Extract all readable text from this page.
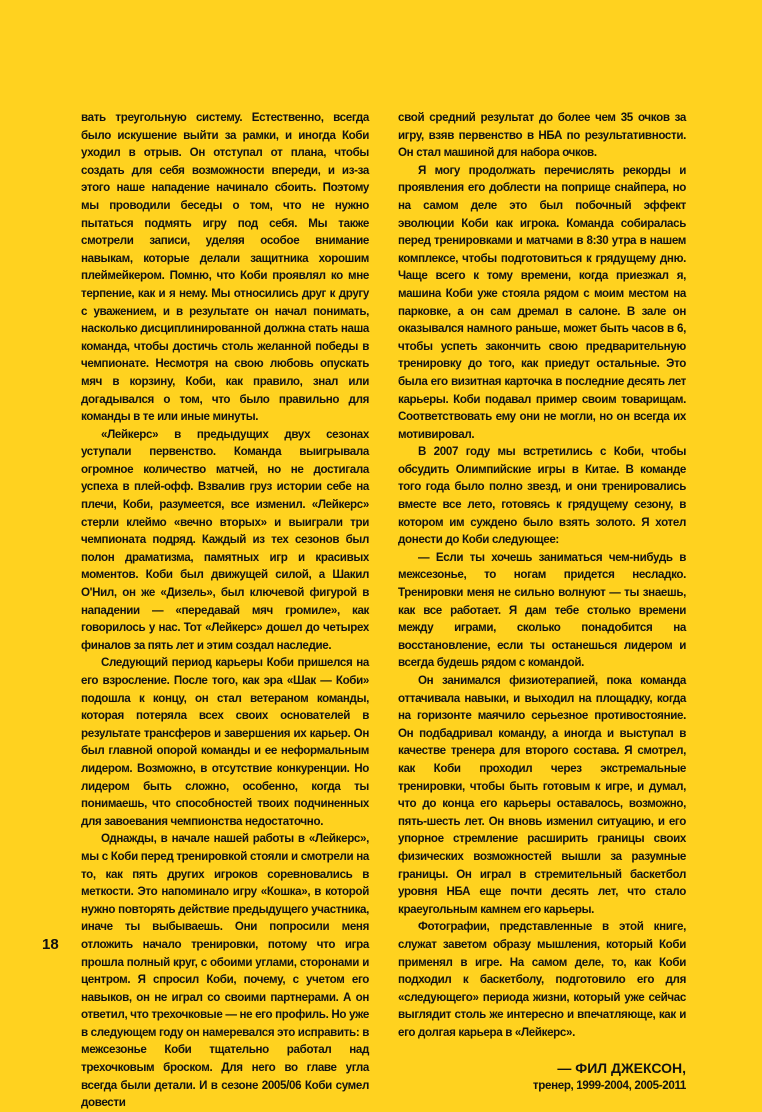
вать треугольную систему. Естественно, всегда было искушение выйти за рамки, и иногда Коби уходил в отрыв. Он отступал от плана, чтобы создать для себя возможности впереди, и из-за этого наше нападение начинало сбоить. Поэтому мы проводили беседы о том, что не нужно пытаться подмять игру под себя. Мы также смотрели записи, уделяя особое внимание навыкам, которые делали защитника хорошим плеймейкером. Помню, что Коби проявлял ко мне терпение, как и я нему. Мы относились друг к другу с уважением, и в результате он начал понимать, насколько дисциплинированной должна стать наша команда, чтобы достичь столь желанной победы в чемпионате. Несмотря на свою любовь опускать мяч в корзину, Коби, как правило, знал или догадывался о том, что было правильно для команды в те или иные минуты.

«Лейкерс» в предыдущих двух сезонах уступали первенство. Команда выигрывала огромное количество матчей, но не достигала успеха в плей-офф. Взвалив груз истории себе на плечи, Коби, разумеется, все изменил. «Лейкерс» стерли клеймо «вечно вторых» и выиграли три чемпионата подряд. Каждый из тех сезонов был полон драматизма, памятных игр и красивых моментов. Коби был движущей силой, а Шакил О'Нил, он же «Дизель», был ключевой фигурой в нападении — «передавай мяч громиле», как говорилось у нас. Тот «Лейкерс» дошел до четырех финалов за пять лет и этим создал наследие.

Следующий период карьеры Коби пришелся на его взросление. После того, как эра «Шак — Коби» подошла к концу, он стал ветераном команды, которая потеряла всех своих основателей в результате трансферов и завершения их карьер. Он был главной опорой команды и ее неформальным лидером. Возможно, в отсутствие конкуренции. Но лидером быть сложно, особенно, когда ты понимаешь, что способностей твоих подчиненных для завоевания чемпионства недостаточно.

Однажды, в начале нашей работы в «Лейкерс», мы с Коби перед тренировкой стояли и смотрели на то, как пять других игроков соревновались в меткости. Это напоминало игру «Кошка», в которой нужно повторять действие предыдущего участника, иначе ты выбываешь. Они попросили меня отложить начало тренировки, потому что игра прошла полный круг, с обоими углами, сторонами и центром. Я спросил Коби, почему, с учетом его навыков, он не играл со своими партнерами. А он ответил, что трехочковые — не его профиль. Но уже в следующем году он намеревался это исправить: в межсезонье Коби тщательно работал над трехочковым броском. Для него во главе угла всегда были детали. И в сезоне 2005/06 Коби сумел довести

свой средний результат до более чем 35 очков за игру, взяв первенство в НБА по результативности. Он стал машиной для набора очков.

Я могу продолжать перечислять рекорды и проявления его доблести на поприще снайпера, но на самом деле это был побочный эффект эволюции Коби как игрока. Команда собиралась перед тренировками и матчами в 8:30 утра в нашем комплексе, чтобы подготовиться к грядущему дню. Чаще всего к тому времени, когда приезжал я, машина Коби уже стояла рядом с моим местом на парковке, а он сам дремал в салоне. В зале он оказывался намного раньше, может быть часов в 6, чтобы успеть закончить свою предварительную тренировку до того, как приедут остальные. Это была его визитная карточка в последние десять лет карьеры. Коби подавал пример своим товарищам. Соответствовать ему они не могли, но он всегда их мотивировал.

В 2007 году мы встретились с Коби, чтобы обсудить Олимпийские игры в Китае. В команде того года было полно звезд, и они тренировались вместе все лето, готовясь к грядущему сезону, в котором им суждено было взять золото. Я хотел донести до Коби следующее:

— Если ты хочешь заниматься чем-нибудь в межсезонье, то ногам придется несладко. Тренировки меня не сильно волнуют — ты знаешь, как все работает. Я дам тебе столько времени между играми, сколько понадобится на восстановление, если ты останешься лидером и всегда будешь рядом с командой.

Он занимался физиотерапией, пока команда оттачивала навыки, и выходил на площадку, когда на горизонте маячило серьезное противостояние. Он подбадривал команду, а иногда и выступал в качестве тренера для второго состава. Я смотрел, как Коби проходил через экстремальные тренировки, чтобы быть готовым к игре, и думал, что до конца его карьеры оставалось, возможно, пять-шесть лет. Он вновь изменил ситуацию, и его упорное стремление расширить границы своих физических возможностей вышли за разумные границы. Он играл в стремительный баскетбол уровня НБА еще почти десять лет, что стало краеугольным камнем его карьеры.

Фотографии, представленные в этой книге, служат заветом образу мышления, который Коби применял в игре. На самом деле, то, как Коби подходил к баскетболу, подготовило его для «следующего» периода жизни, который уже сейчас выглядит столь же интересно и впечатляюще, как и его долгая карьера в «Лейкерс».

— ФИЛ ДЖЕКСОН,
тренер, 1999-2004, 2005-2011
18
